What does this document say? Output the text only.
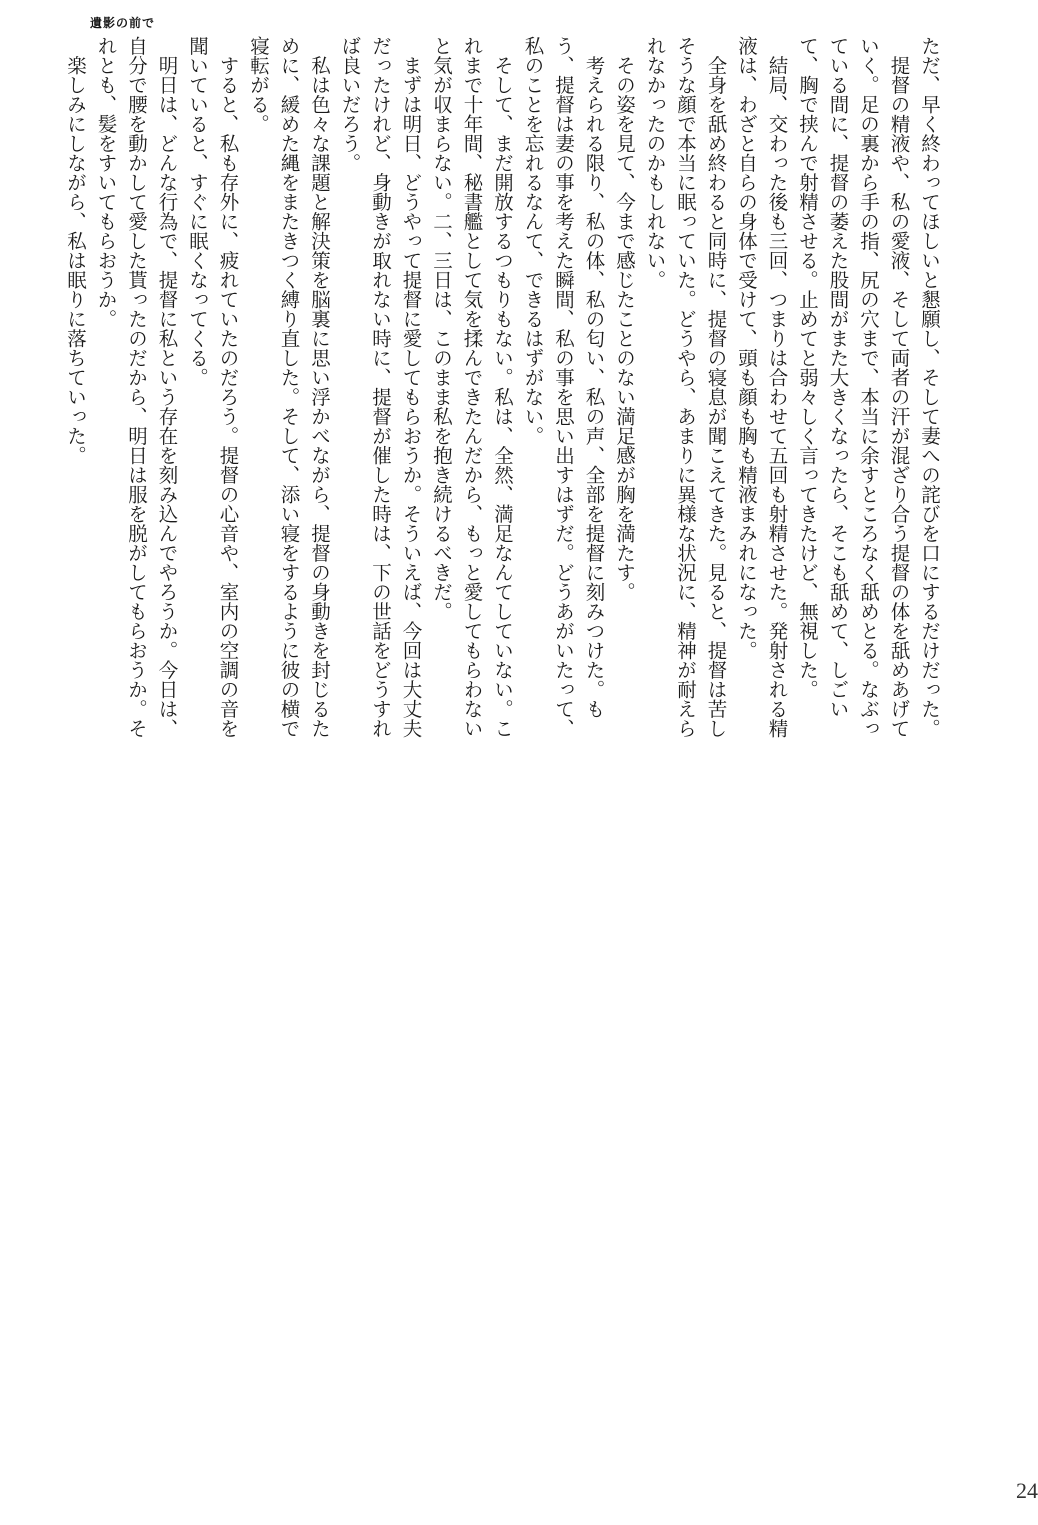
遺影の前で

ただ、早く終わってほしいと懇願し、そして妻への詫びを口にするだけだった。

　提督の精液や、私の愛液、そして両者の汗が混ざり合う提督の体を舐めあげていく。足の裏から手の指、尻の穴まで、本当に余すところなく舐めとる。なぶっている間に、提督の萎えた股間がまた大きくなったら、そこも舐めて、しごいて、胸で挟んで射精させる。止めてと弱々しく言ってきたけど、無視した。

　結局、交わった後も三回、つまりは合わせて五回も射精させた。発射される精液は、わざと自らの身体で受けて、頭も顔も胸も精液まみれになった。

　全身を舐め終わると同時に、提督の寝息が聞こえてきた。見ると、提督は苦しそうな顔で本当に眠っていた。どうやら、あまりに異様な状況に、精神が耐えられなかったのかもしれない。

　その姿を見て、今まで感じたことのない満足感が胸を満たす。

　考えられる限り、私の体、私の匂い、私の声、全部を提督に刻みつけた。もう、提督は妻の事を考えた瞬間、私の事を思い出すはずだ。どうあがいたって、私のことを忘れるなんて、できるはずがない。

　そして、まだ開放するつもりもない。私は、全然、満足なんてしていない。これまで十年間、秘書艦として気を揉んできたんだから、もっと愛してもらわないと気が収まらない。二、三日は、このまま私を抱き続けるべきだ。

　まずは明日、どうやって提督に愛してもらおうか。そういえば、今回は大丈夫だったけれど、身動きが取れない時に、提督が催した時は、下の世話をどうすれば良いだろう。

　私は色々な課題と解決策を脳裏に思い浮かべながら、提督の身動きを封じるために、緩めた縄をまたきつく縛り直した。そして、添い寝をするように彼の横で寝転がる。

　すると、私も存外に、疲れていたのだろう。提督の心音や、室内の空調の音を聞いていると、すぐに眠くなってくる。

　明日は、どんな行為で、提督に私という存在を刻み込んでやろうか。今日は、自分で腰を動かして愛した貰ったのだから、明日は服を脱がしてもらおうか。それとも、髪をすいてもらおうか。

　楽しみにしながら、私は眠りに落ちていった。

24
